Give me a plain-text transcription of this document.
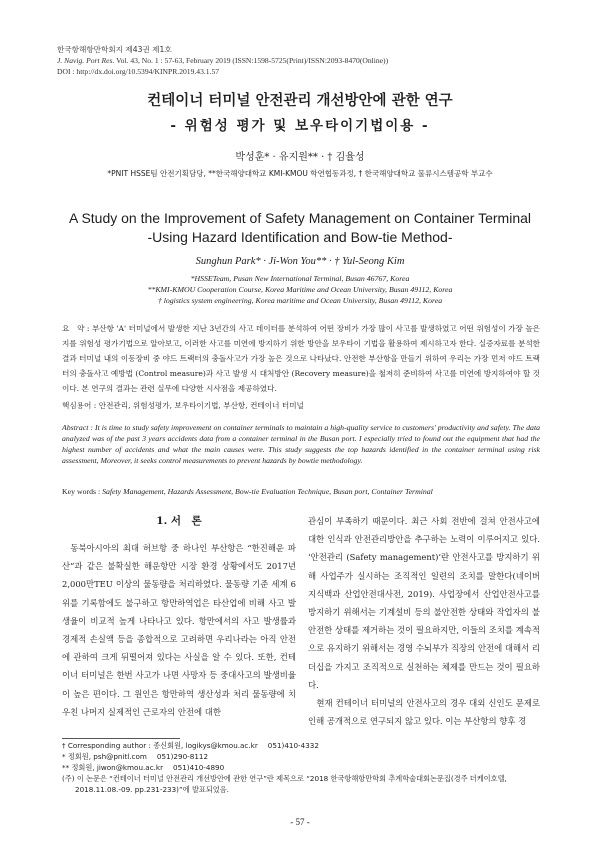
한국항해항만학회지 제43권 제1호
J. Navig. Port Res. Vol. 43, No. 1 : 57-63, February 2019 (ISSN:1598-5725(Print)/ISSN:2093-8470(Online))
DOI : http://dx.doi.org/10.5394/KINPR.2019.43.1.57
컨테이너 터미널 안전관리 개선방안에 관한 연구
- 위험성 평가 및 보우타이기법이용 -
박성훈* · 유지원** · † 김율성
*PNIT HSSE팀 안전기획담당, **한국해양대학교 KMI-KMOU 학연협동과정, † 한국해양대학교 물류시스템공학 부교수
A Study on the Improvement of Safety Management on Container Terminal
-Using Hazard Identification and Bow-tie Method-
Sunghun Park* · Ji-Won You** · † Yul-Seong Kim
*HSSETeam, Pusan New International Terminal, Busan 46767, Korea
**KMI-KMOU Cooperation Course, Korea Maritime and Ocean University, Busan 49112, Korea
† logistics system engineering, Korea maritime and Ocean University, Busan 49112, Korea
요　약 : 부산항 'A' 터미널에서 발생한 지난 3년간의 사고 데이터를 분석하여 어떤 장비가 가장 많이 사고를 발생하였고 어떤 위험성이 가장 높은지를 위험성 평가기법으로 알아보고, 이러한 사고를 미연에 방지하기 위한 방안을 보우타이 기법을 활용하여 제시하고자 한다. 실증자료를 분석한 결과 터미널 내의 이동장비 중 야드 트랙터의 충돌사고가 가장 높은 것으로 나타났다. 안전한 부산항을 만들기 위하여 우리는 가장 먼저 야드 트랙터의 충돌사고 예방법 (Control measure)과 사고 발생 시 대처방안 (Recovery measure)을 철저히 준비하여 사고를 미연에 방지하여야 할 것이다. 본 연구의 결과는 관련 실무에 다양한 시사점을 제공하였다.
핵심용어 : 안전관리, 위험성평가, 보우타이기법, 부산항, 컨테이너 터미널
Abstract : It is time to study safety improvement on container terminals to maintain a high-quality service to customers' productivity and safety. The data analyzed was of the past 3 years accidents data from a container terminal in the Busan port. I especially tried to found out the equipment that had the highest number of accidents and what the main causes were. This study suggests the top hazards identified in the container terminal using risk assessment, Moreover, it seeks control measurements to prevent hazards by bowtie methodology.
Key words : Safety Management, Hazards Assessment, Bow-tie Evaluation Technique, Busan port, Container Terminal
1. 서　론

동북아시아의 최대 허브항 중 하나인 부산항은 “한진해운 파산”과 같은 불확실한 해운항만 시장 환경 상황에서도 2017년 2,000만TEU 이상의 물동량을 처리하였다. 물동량 기준 세계 6위를 기록함에도 불구하고 항만하역업은 타산업에 비해 사고 발생율이 비교적 높게 나타나고 있다. 항만에서의 사고 발생률과 경제적 손실액 등을 종합적으로 고려하면 우리나라는 아직 안전에 관하여 크게 뒤떨어져 있다는 사실을 알 수 있다. 또한, 컨테이너 터미널은 한번 사고가 나면 사망자 등 중대사고의 발생비율이 높은 편이다. 그 원인은 항만하역 생산성과 처리 물동량에 치우친 나머지 실제적인 근로자의 안전에 대한

관심이 부족하기 때문이다. 최근 사회 전반에 걸쳐 안전사고에 대한 인식과 안전관리방안을 추구하는 노력이 이루어지고 있다. ‘안전관리 (Safety management)’란 안전사고를 방지하기 위해 사업주가 실시하는 조직적인 일련의 조치를 말한다(네이버 지식백과 산업안전대사전, 2019). 사업장에서 산업안전사고를 방지하기 위해서는 기계설비 등의 불안전한 상태와 작업자의 불안전한 상태를 제거하는 것이 필요하지만, 이들의 조치를 계속적으로 유지하기 위해서는 경영 수뇌부가 직장의 안전에 대해서 리더십을 가지고 조직적으로 실천하는 체제를 만드는 것이 필요하다.

현재 컨테이너 터미널의 안전사고의 경우 대외 신인도 문제로 인해 공개적으로 연구되지 않고 있다. 이는 부산항의 향후 경

† Corresponding author : 종신회원, logikys@kmou.ac.kr 051)410-4332
* 정회원, psh@pnitl.com 051)290-8112
** 정회원, jiwon@kmou.ac.kr 051)410-4890
(주) 이 논문은 “컨테이너 터미널 안전관리 개선방안에 관한 연구”란 제목으로 “2018 한국항해항만학회 추계학술대회논문집(경주 더케이호텔, 2018.11.08.-09. pp.231-233)”에 발표되었음.
- 57 -
